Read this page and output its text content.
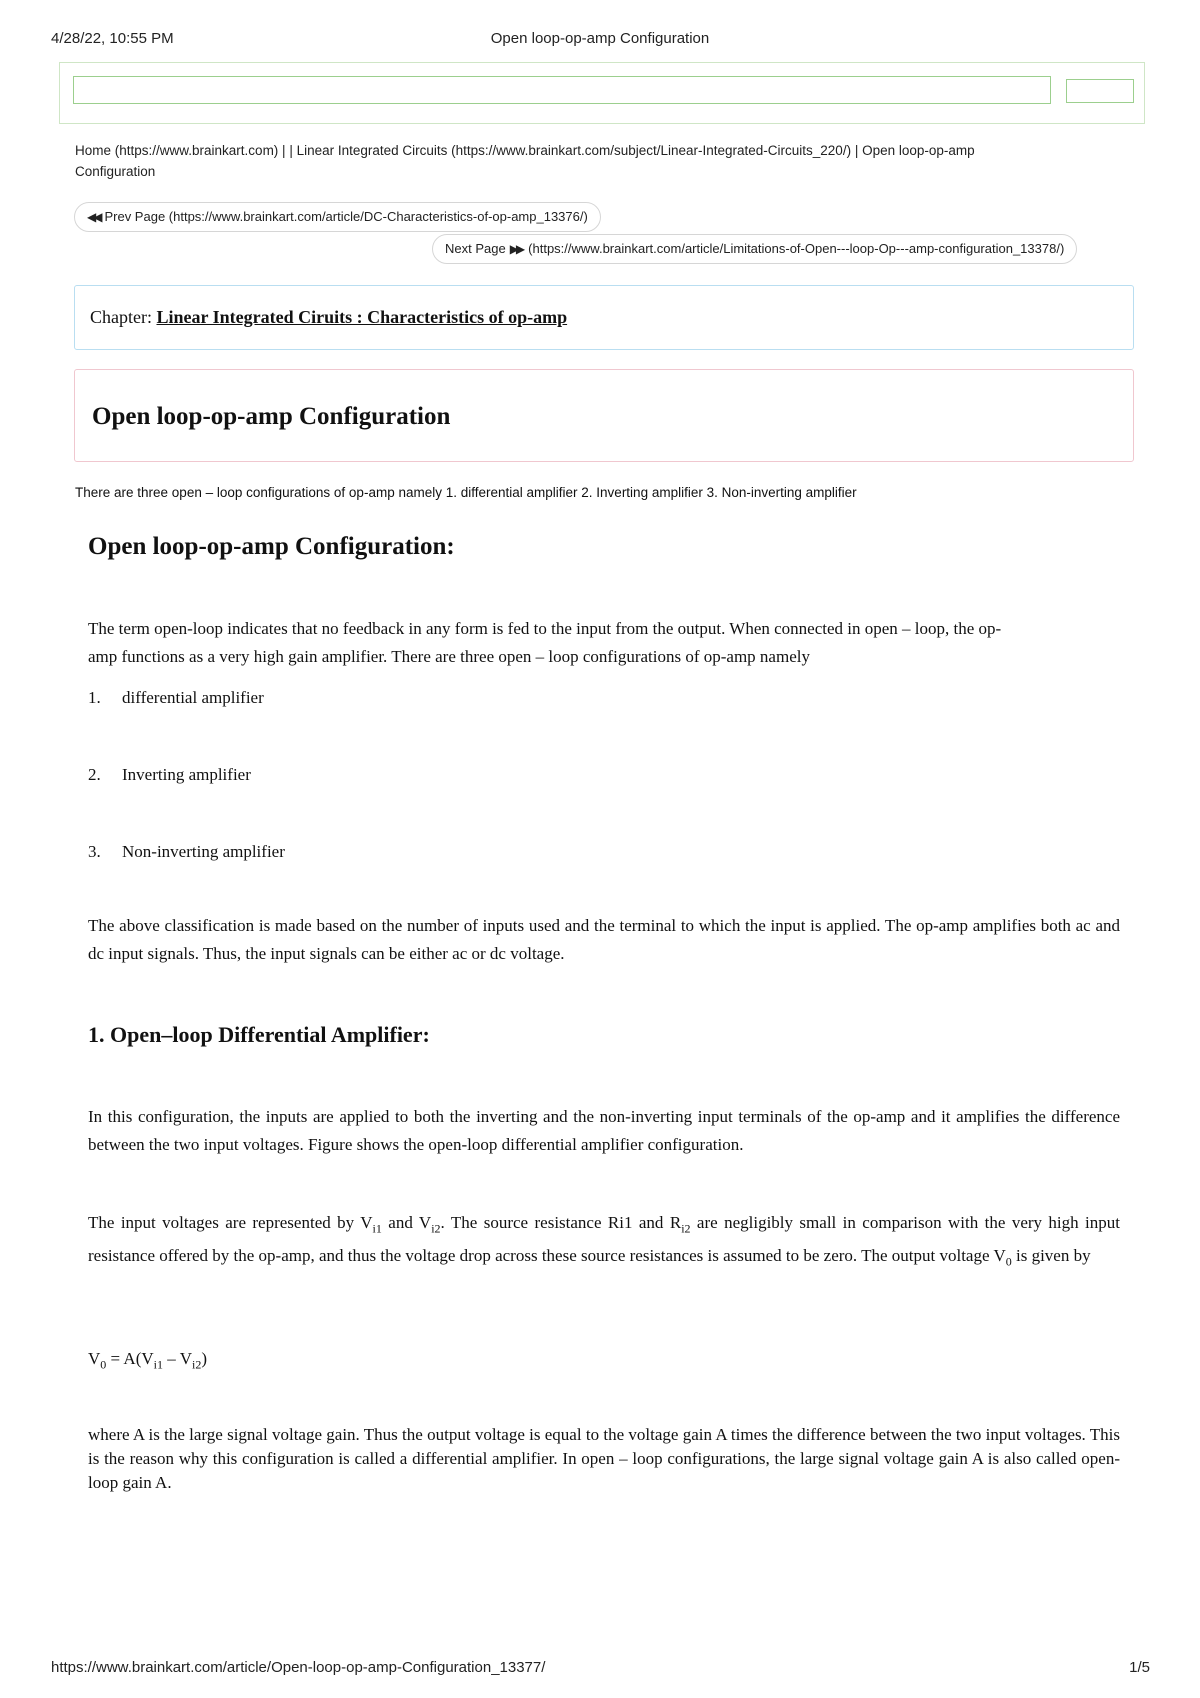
4/28/22, 10:55 PM	Open loop-op-amp Configuration
Home (https://www.brainkart.com) | | Linear Integrated Circuits (https://www.brainkart.com/subject/Linear-Integrated-Circuits_220/) | Open loop-op-amp
Configuration
◀◀ Prev Page (https://www.brainkart.com/article/DC-Characteristics-of-op-amp_13376/)
Next Page ▶▶ (https://www.brainkart.com/article/Limitations-of-Open---loop-Op---amp-configuration_13378/)
Chapter: Linear Integrated Ciruits : Characteristics of op-amp
Open loop-op-amp Configuration
There are three open – loop configurations of op-amp namely 1. differential amplifier 2. Inverting amplifier 3. Non-inverting amplifier
Open loop-op-amp Configuration:
The term open-loop indicates that no feedback in any form is fed to the input from the output. When connected in open – loop, the op-
amp functions as a very high gain amplifier. There are three open – loop configurations of op-amp namely
1. differential amplifier
2. Inverting amplifier
3. Non-inverting amplifier

The above classification is made based on the number of inputs used and the terminal to which the input is applied. The op-amp amplifies both ac and dc input signals. Thus, the input signals can be either ac or dc voltage.

1. Open–loop Differential Amplifier:

In this configuration, the inputs are applied to both the inverting and the non-inverting input terminals of the op-amp and it amplifies the difference between the two input voltages. Figure shows the open-loop differential amplifier configuration.

The input voltages are represented by $V_{i1}$ and $V_{i2}$. The source resistance Ri1 and $R_{i2}$ are negligibly small in comparison with the very high input resistance offered by the op-amp, and thus the voltage drop across these source resistances is assumed to be zero. The output voltage $V_0$ is given by

$V_0 = A(V_{i1} - V_{i2})$

where A is the large signal voltage gain. Thus the output voltage is equal to the voltage gain A times the difference between the two input voltages. This is the reason why this configuration is called a differential amplifier. In open – loop configurations, the large signal voltage gain A is also called open-loop gain A.

https://www.brainkart.com/article/Open-loop-op-amp-Configuration_13377/	1/5
